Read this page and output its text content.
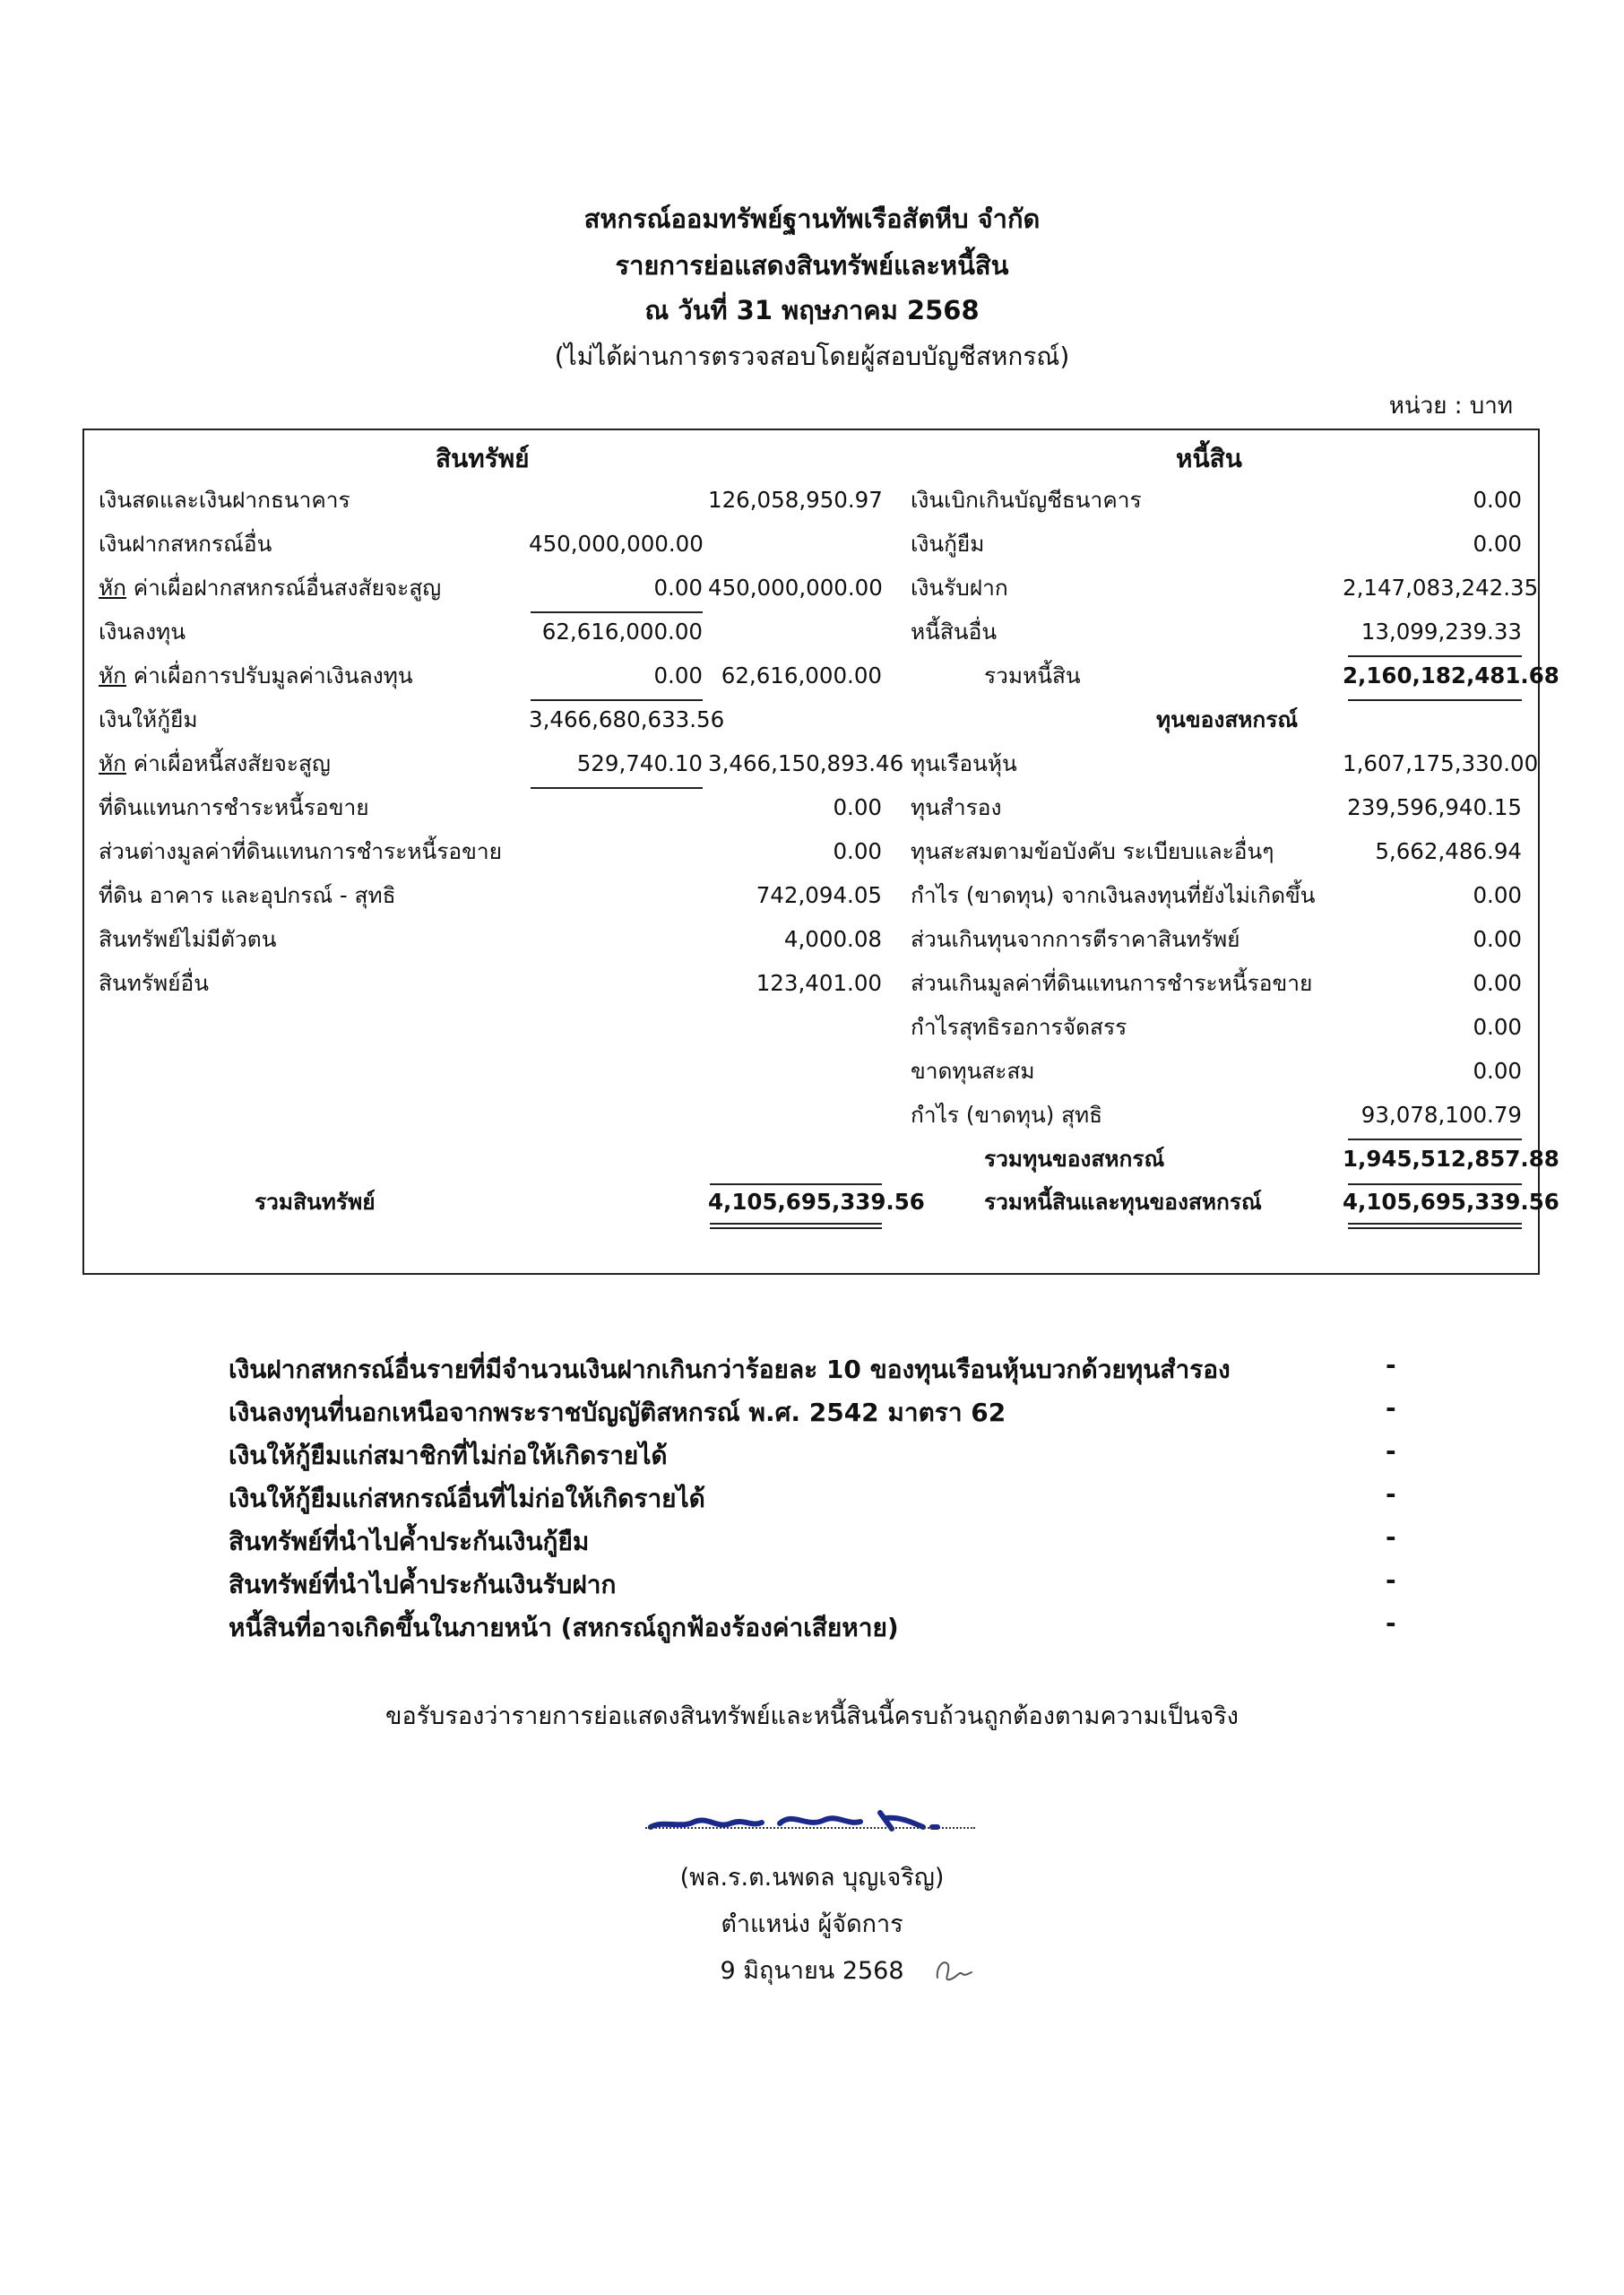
สหกรณ์ออมทรัพย์ฐานทัพเรือสัตหีบ จำกัด
รายการย่อแสดงสินทรัพย์และหนี้สิน
ณ วันที่ 31 พฤษภาคม 2568
(ไม่ได้ผ่านการตรวจสอบโดยผู้สอบบัญชีสหกรณ์)
หน่วย : บาท
สินทรัพย์	หนี้สิน
เงินสดและเงินฝากธนาคาร	126,058,950.97
เงินฝากสหกรณ์อื่น	450,000,000.00
หัก ค่าเผื่อฝากสหกรณ์อื่นสงสัยจะสูญ	0.00 450,000,000.00
เงินลงทุน	62,616,000.00
หัก ค่าเผื่อการปรับมูลค่าเงินลงทุน	0.00 62,616,000.00
เงินให้กู้ยืม	3,466,680,633.56
หัก ค่าเผื่อหนี้สงสัยจะสูญ	529,740.10 3,466,150,893.46
ที่ดินแทนการชำระหนี้รอขาย	0.00
ส่วนต่างมูลค่าที่ดินแทนการชำระหนี้รอขาย	0.00
ที่ดิน อาคาร และอุปกรณ์ - สุทธิ	742,094.05
สินทรัพย์ไม่มีตัวตน	4,000.08
สินทรัพย์อื่น	123,401.00
รวมสินทรัพย์	4,105,695,339.56
เงินเบิกเกินบัญชีธนาคาร	0.00
เงินกู้ยืม	0.00
เงินรับฝาก	2,147,083,242.35
หนี้สินอื่น	13,099,239.33
รวมหนี้สิน	2,160,182,481.68
ทุนของสหกรณ์
ทุนเรือนหุ้น	1,607,175,330.00
ทุนสำรอง	239,596,940.15
ทุนสะสมตามข้อบังคับ ระเบียบและอื่นๆ	5,662,486.94
กำไร (ขาดทุน) จากเงินลงทุนที่ยังไม่เกิดขึ้น	0.00
ส่วนเกินทุนจากการตีราคาสินทรัพย์	0.00
ส่วนเกินมูลค่าที่ดินแทนการชำระหนี้รอขาย	0.00
กำไรสุทธิรอการจัดสรร	0.00
ขาดทุนสะสม	0.00
กำไร (ขาดทุน) สุทธิ	93,078,100.79
รวมทุนของสหกรณ์	1,945,512,857.88
รวมหนี้สินและทุนของสหกรณ์	4,105,695,339.56
เงินฝากสหกรณ์อื่นรายที่มีจำนวนเงินฝากเกินกว่าร้อยละ 10 ของทุนเรือนหุ้นบวกด้วยทุนสำรอง	-
เงินลงทุนที่นอกเหนือจากพระราชบัญญัติสหกรณ์ พ.ศ. 2542 มาตรา 62	-
เงินให้กู้ยืมแก่สมาชิกที่ไม่ก่อให้เกิดรายได้	-
เงินให้กู้ยืมแก่สหกรณ์อื่นที่ไม่ก่อให้เกิดรายได้	-
สินทรัพย์ที่นำไปค้ำประกันเงินกู้ยืม	-
สินทรัพย์ที่นำไปค้ำประกันเงินรับฝาก	-
หนี้สินที่อาจเกิดขึ้นในภายหน้า (สหกรณ์ถูกฟ้องร้องค่าเสียหาย)	-
ขอรับรองว่ารายการย่อแสดงสินทรัพย์และหนี้สินนี้ครบถ้วนถูกต้องตามความเป็นจริง
(พล.ร.ต.นพดล บุญเจริญ)
ตำแหน่ง ผู้จัดการ
9 มิถุนายน 2568
